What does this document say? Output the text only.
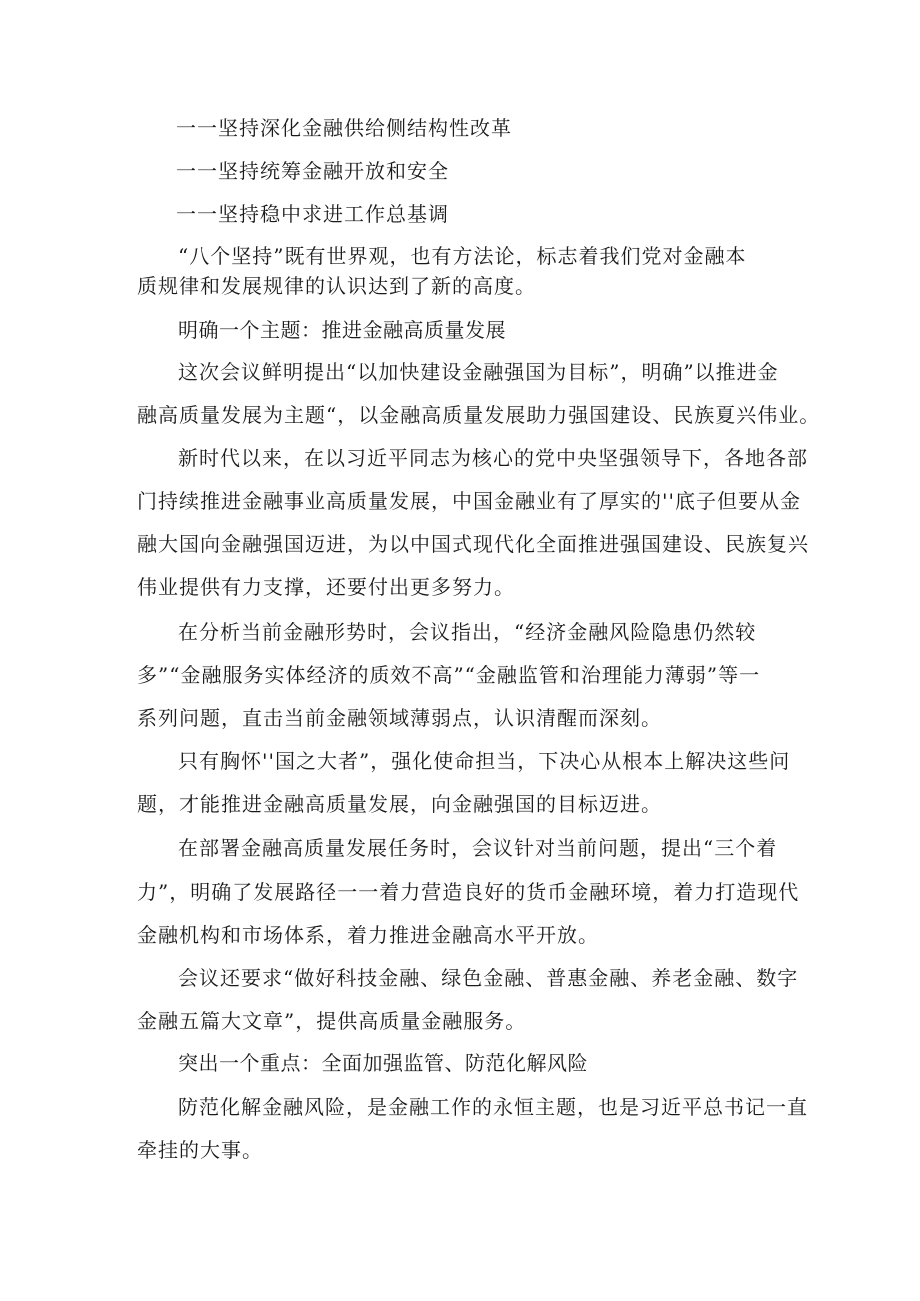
一一坚持深化金融供给侧结构性改革
一一坚持统筹金融开放和安全
一一坚持稳中求进工作总基调
“八个坚持”既有世界观，也有方法论，标志着我们党对金融本
质规律和发展规律的认识达到了新的高度。
明确一个主题：推进金融高质量发展
这次会议鲜明提出“以加快建设金融强国为目标”，明确”以推进金
融高质量发展为主题“，以金融高质量发展助力强国建设、民族夏兴伟业。
新时代以来，在以习近平同志为核心的党中央坚强领导下，各地各部
门持续推进金融事业高质量发展，中国金融业有了厚实的''底子但要从金
融大国向金融强国迈进，为以中国式现代化全面推进强国建设、民族复兴
伟业提供有力支撑，还要付出更多努力。
在分析当前金融形势时，会议指出，“经济金融风险隐患仍然较
多”“金融服务实体经济的质效不高”“金融监管和治理能力薄弱”等一
系列问题，直击当前金融领域薄弱点，认识清醒而深刻。
只有胸怀''国之大者”，强化使命担当，下决心从根本上解决这些问
题，才能推进金融高质量发展，向金融强国的目标迈进。
在部署金融高质量发展任务时，会议针对当前问题，提出“三个着
力”，明确了发展路径一一着力营造良好的货币金融环境，着力打造现代
金融机构和市场体系，着力推进金融高水平开放。
会议还要求“做好科技金融、绿色金融、普惠金融、养老金融、数字
金融五篇大文章”，提供高质量金融服务。
突出一个重点：全面加强监管、防范化解风险
防范化解金融风险，是金融工作的永恒主题，也是习近平总书记一直
牵挂的大事。
